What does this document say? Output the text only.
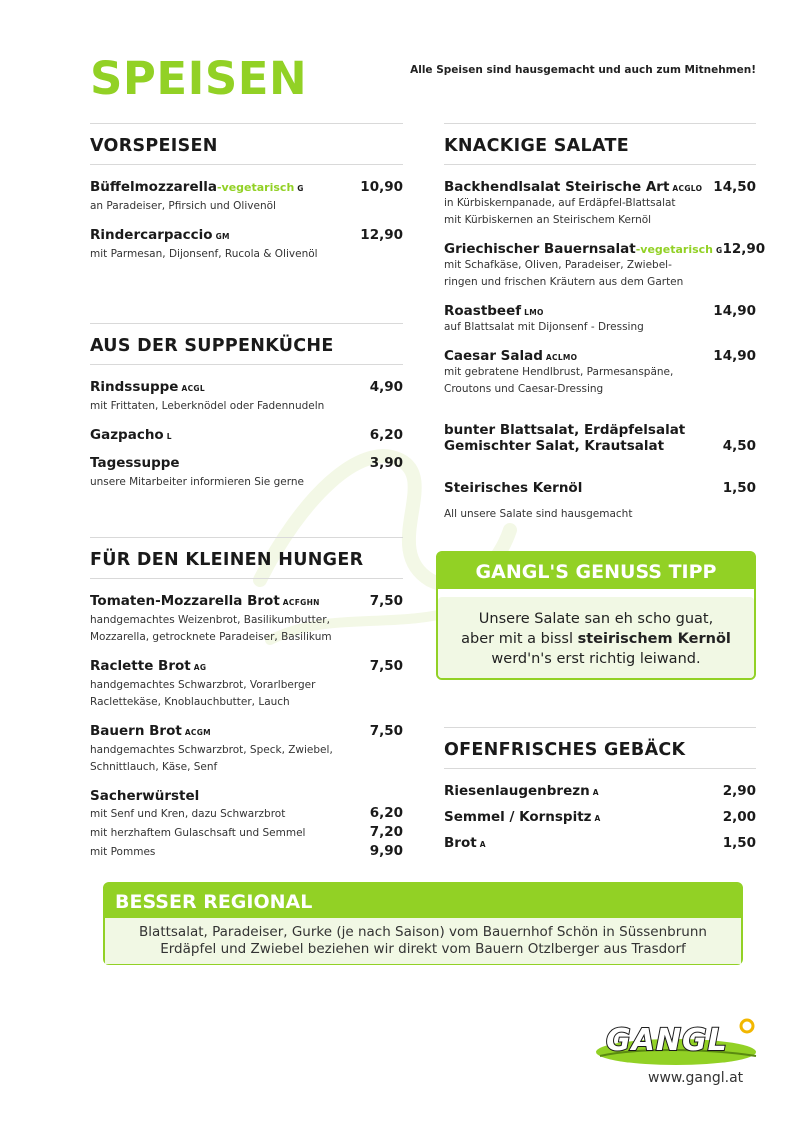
SPEISEN	Alle Speisen sind hausgemacht und auch zum Mitnehmen!
VORSPEISEN
Büffelmozzarella-vegetarisch G	10,90
an Paradeiser, Pfirsich und Olivenöl
Rindercarpaccio GM	12,90
mit Parmesan, Dijonsenf, Rucola & Olivenöl
AUS DER SUPPENKÜCHE
Rindssuppe ACGL	4,90
mit Frittaten, Leberknödel oder Fadennudeln
Gazpacho L	6,20
Tagessuppe	3,90
unsere Mitarbeiter informieren Sie gerne
FÜR DEN KLEINEN HUNGER
Tomaten-Mozzarella Brot ACFGHN	7,50
handgemachtes Weizenbrot, Basilikumbutter,
Mozzarella, getrocknete Paradeiser, Basilikum
Raclette Brot AG	7,50
handgemachtes Schwarzbrot, Vorarlberger
Raclettekäse, Knoblauchbutter, Lauch
Bauern Brot ACGM	7,50
handgemachtes Schwarzbrot, Speck, Zwiebel,
Schnittlauch, Käse, Senf
Sacherwürstel
mit Senf und Kren, dazu Schwarzbrot	6,20
mit herzhaftem Gulaschsaft und Semmel	7,20
mit Pommes	9,90
KNACKIGE SALATE
Backhendlsalat Steirische Art ACGLO 14,50
in Kürbiskernpanade, auf Erdäpfel-Blattsalat
mit Kürbiskernen an Steirischem Kernöl
Griechischer Bauernsalat-vegetarisch G 12,90
mit Schafkäse, Oliven, Paradeiser, Zwiebel-
ringen und frischen Kräutern aus dem Garten
Roastbeef LMO	14,90
auf Blattsalat mit Dijonsenf - Dressing
Caesar Salad ACLMO	14,90
mit gebratene Hendlbrust, Parmesanspäne,
Croutons und Caesar-Dressing
bunter Blattsalat, Erdäpfelsalat
Gemischter Salat, Krautsalat	4,50
Steirisches Kernöl	1,50
All unsere Salate sind hausgemacht
GANGL'S GENUSS TIPP
Unsere Salate san eh scho guat,
aber mit a bissl steirischem Kernöl
werd'n's erst richtig leiwand.
OFENFRISCHES GEBÄCK
Riesenlaugenbrezn A	2,90
Semmel / Kornspitz A	2,00
Brot A	1,50
BESSER REGIONAL
Blattsalat, Paradeiser, Gurke (je nach Saison) vom Bauernhof Schön in Süssenbrunn
Erdäpfel und Zwiebel beziehen wir direkt vom Bauern Otzlberger aus Trasdorf
GANGL
www.gangl.at
